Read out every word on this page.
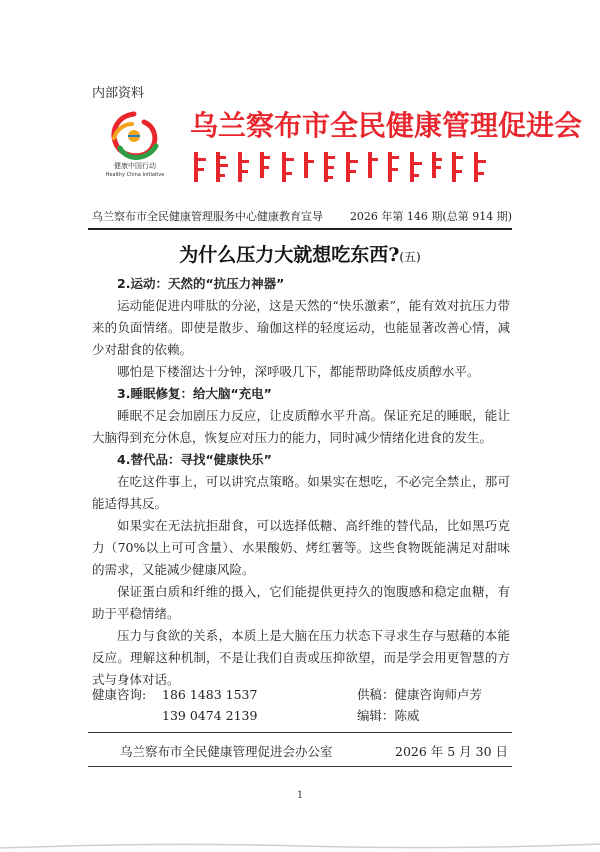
内部资料
健康中国行动
Healthy China Initiative
乌兰察布市全民健康管理促进会
乌兰察布市全民健康管理服务中心健康教育宣导 2026 年第 146 期(总第 914 期)
为什么压力大就想吃东西?(五)

2.运动：天然的“抗压力神器”

运动能促进内啡肽的分泌，这是天然的“快乐激素”，能有效对抗压力带来的负面情绪。即使是散步、瑜伽这样的轻度运动，也能显著改善心情，减少对甜食的依赖。

哪怕是下楼溜达十分钟，深呼吸几下，都能帮助降低皮质醇水平。

3.睡眠修复：给大脑“充电”

睡眠不足会加剧压力反应，让皮质醇水平升高。保证充足的睡眠，能让大脑得到充分休息，恢复应对压力的能力，同时减少情绪化进食的发生。

4.替代品：寻找“健康快乐”

在吃这件事上，可以讲究点策略。如果实在想吃，不必完全禁止，那可能适得其反。

如果实在无法抗拒甜食，可以选择低糖、高纤维的替代品，比如黑巧克力（70%以上可可含量）、水果酸奶、烤红薯等。这些食物既能满足对甜味的需求，又能减少健康风险。

保证蛋白质和纤维的摄入，它们能提供更持久的饱腹感和稳定血糖，有助于平稳情绪。

压力与食欲的关系，本质上是大脑在压力状态下寻求生存与慰藉的本能反应。理解这种机制，不是让我们自责或压抑欲望，而是学会用更智慧的方式与身体对话。

健康咨询: 186 1483 1537
139 0474 2139
供稿：健康咨询师卢芳
编辑：陈威
乌兰察布市全民健康管理促进会办公室	2026 年 5 月 30 日
1
